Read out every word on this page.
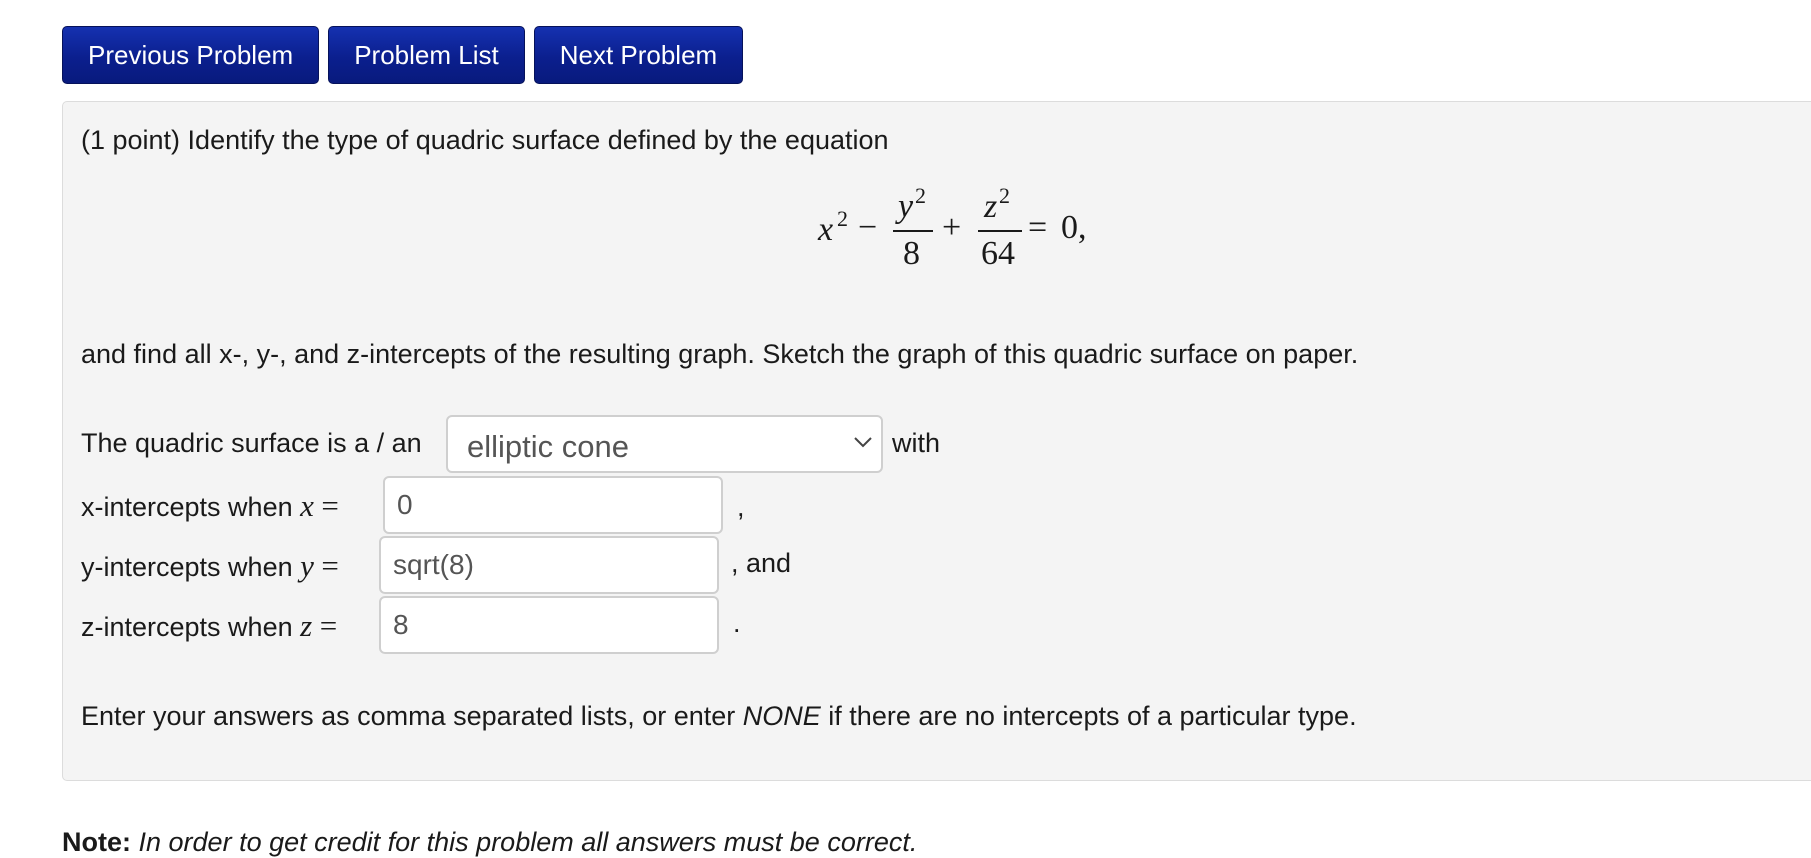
Previous Problem	Problem List	Next Problem
(1 point) Identify the type of quadric surface defined by the equation
x 2 −
y 2
8
+
z 2
64
= 0,
and find all x-, y-, and z-intercepts of the resulting graph. Sketch the graph of this quadric surface on paper.
The quadric surface is a / an elliptic cone	with
x-intercepts when x =
0	,
y-intercepts when y =
sqrt(8)	, and
z-intercepts when z =
8	.
Enter your answers as comma separated lists, or enter NONE if there are no intercepts of a particular type.
Note: In order to get credit for this problem all answers must be correct.
